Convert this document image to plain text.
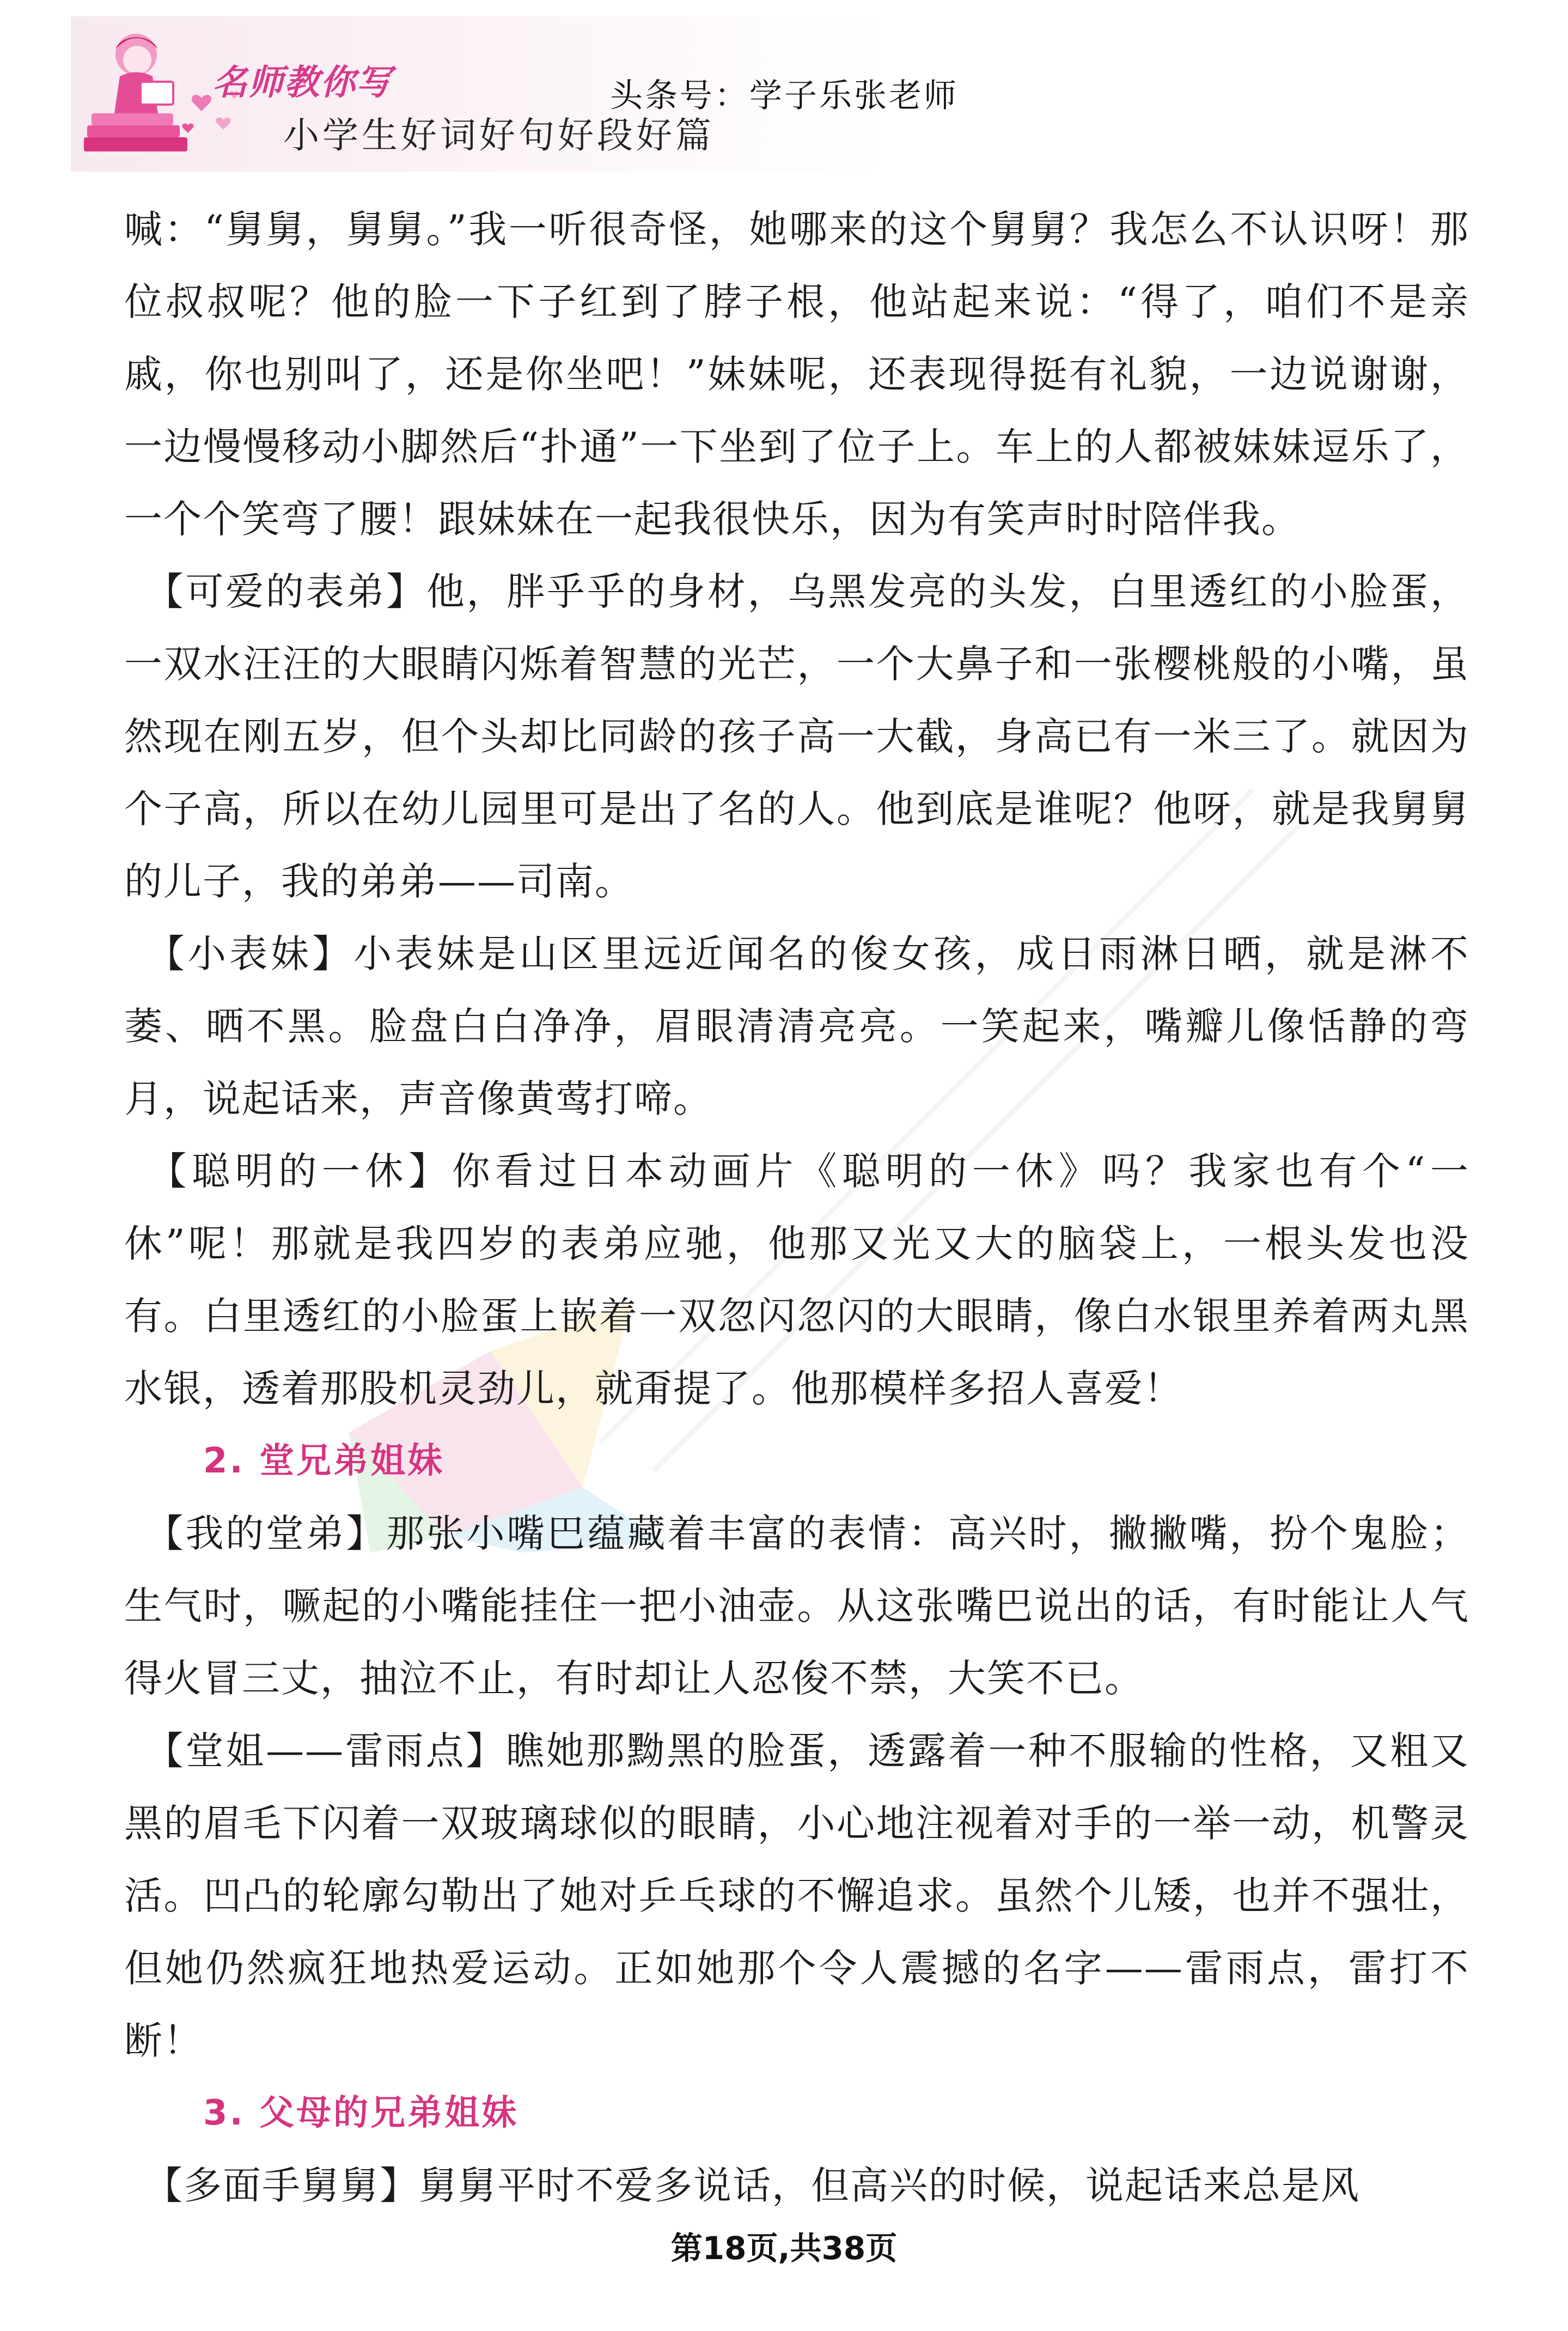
名师教你写
小学生好词好句好段好篇
头条号：学子乐张老师

喊：“舅舅，舅舅。”我一听很奇怪，她哪来的这个舅舅？我怎么不认识呀！那位叔叔呢？他的脸一下子红到了脖子根，他站起来说：“得了，咱们不是亲戚，你也别叫了，还是你坐吧！”妹妹呢，还表现得挺有礼貌，一边说谢谢，一边慢慢移动小脚然后“扑通”一下坐到了位子上。车上的人都被妹妹逗乐了，一个个笑弯了腰！跟妹妹在一起我很快乐，因为有笑声时时陪伴我。

　【可爱的表弟】他，胖乎乎的身材，乌黑发亮的头发，白里透红的小脸蛋，一双水汪汪的大眼睛闪烁着智慧的光芒，一个大鼻子和一张樱桃般的小嘴，虽然现在刚五岁，但个头却比同龄的孩子高一大截，身高已有一米三了。就因为个子高，所以在幼儿园里可是出了名的人。他到底是谁呢？他呀，就是我舅舅的儿子，我的弟弟——司南。

　【小表妹】小表妹是山区里远近闻名的俊女孩，成日雨淋日晒，就是淋不萎、晒不黑。脸盘白白净净，眉眼清清亮亮。一笑起来，嘴瓣儿像恬静的弯月，说起话来，声音像黄莺打啼。

　【聪明的一休】你看过日本动画片《聪明的一休》吗？我家也有个“一休”呢！那就是我四岁的表弟应驰，他那又光又大的脑袋上，一根头发也没有。白里透红的小脸蛋上嵌着一双忽闪忽闪的大眼睛，像白水银里养着两丸黑水银，透着那股机灵劲儿，就甭提了。他那模样多招人喜爱！

2. 堂兄弟姐妹

　【我的堂弟】那张小嘴巴蕴藏着丰富的表情：高兴时，撇撇嘴，扮个鬼脸；生气时，噘起的小嘴能挂住一把小油壶。从这张嘴巴说出的话，有时能让人气得火冒三丈，抽泣不止，有时却让人忍俊不禁，大笑不已。

　【堂姐——雷雨点】瞧她那黝黑的脸蛋，透露着一种不服输的性格，又粗又黑的眉毛下闪着一双玻璃球似的眼睛，小心地注视着对手的一举一动，机警灵活。凹凸的轮廓勾勒出了她对乒乓球的不懈追求。虽然个儿矮，也并不强壮，但她仍然疯狂地热爱运动。正如她那个令人震撼的名字——雷雨点，雷打不断！

3. 父母的兄弟姐妹

　【多面手舅舅】舅舅平时不爱多说话，但高兴的时候，说起话来总是风

第18页,共38页
